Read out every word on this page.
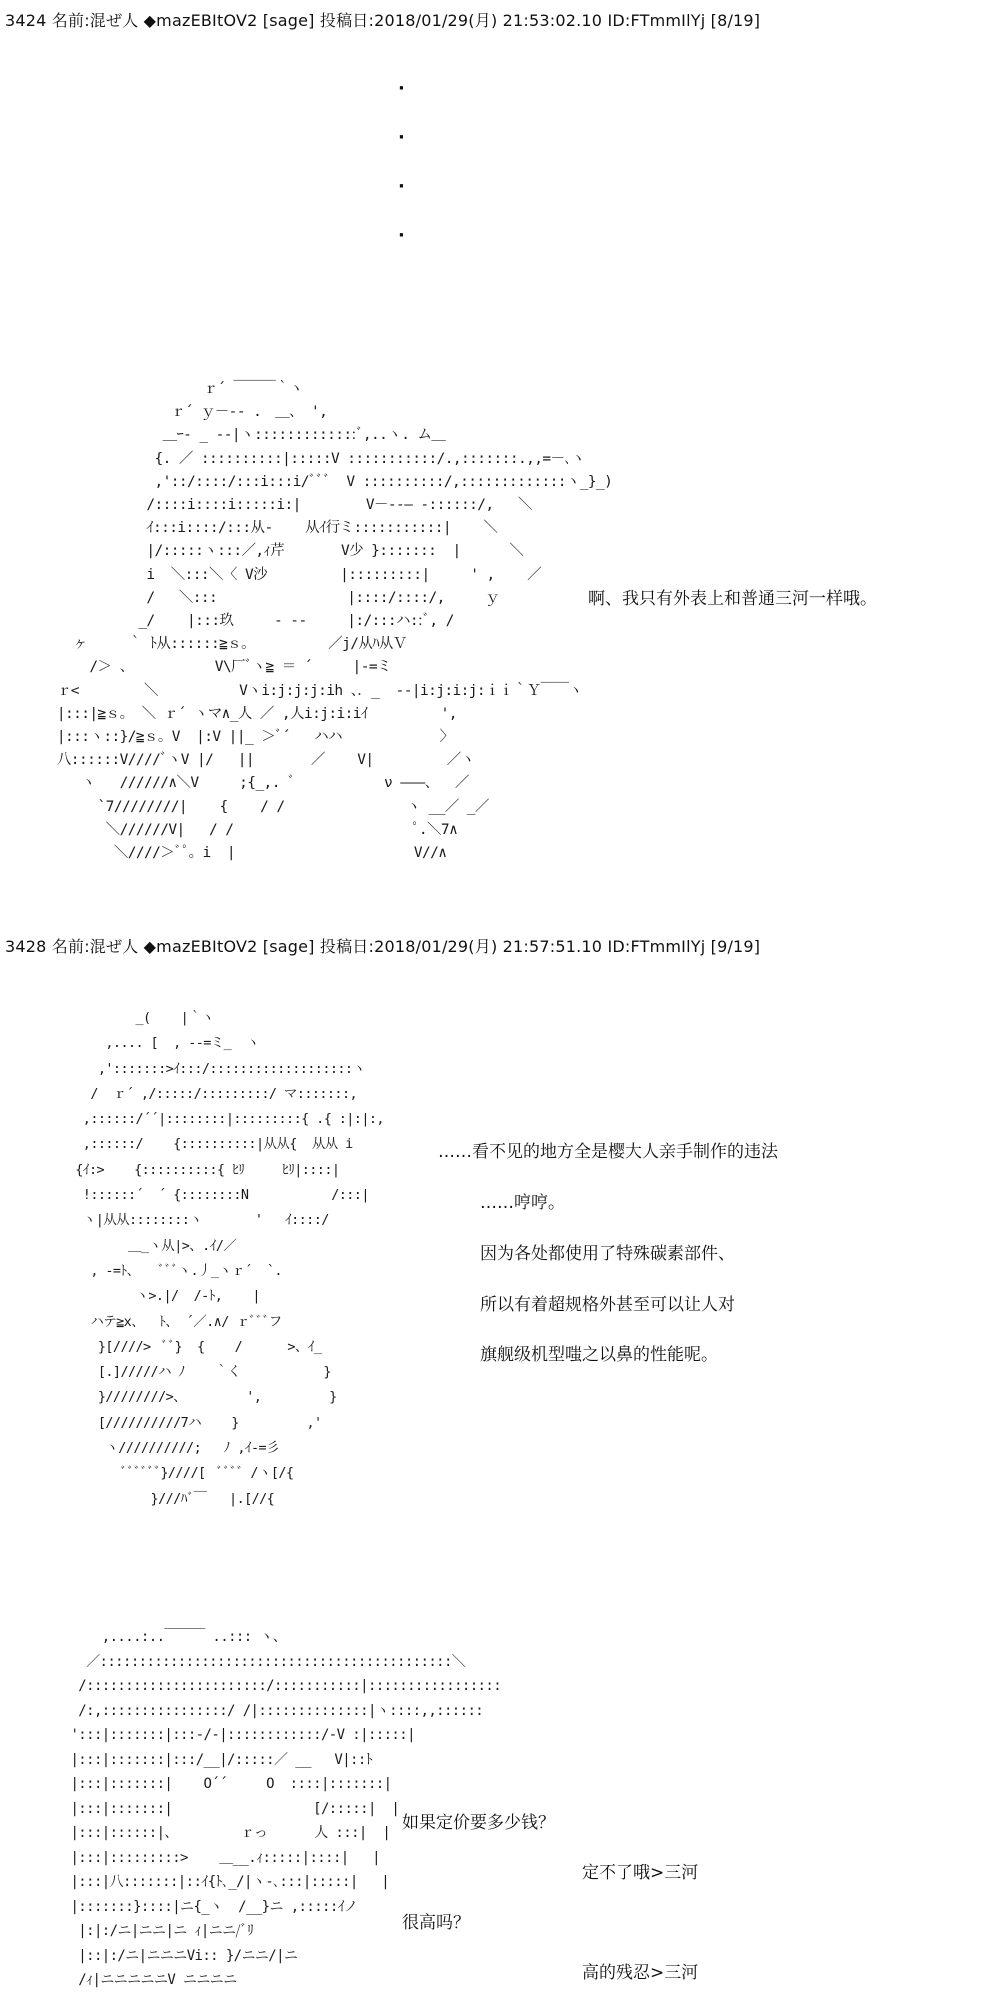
3424 名前:混ぜ人 ◆mazEBItOV2 [sage] 投稿日:2018/01/29(月) 21:53:02.10 ID:FTmmIlYj [8/19]
·
·
·
·
ｒ´ ￣￣￣｀ヽ
ｒ´ ｙ－-- .　＿、 ',
＿ｰ‐ _ -‐|ヽ:::::::::::::ﾞ,..ヽ. ム＿
{. ／ ::::::::::|:::::V :::::::::::/.,:::::::.,,=－､ヽ
,'::/::::/:::i:::i/ﾞﾞﾞ  V ::::::::::/,:::::::::::::ヽ_}_)
/::::i::::i:::::i:|        V－-‐― -::::::/,   ＼
ｲ:::i::::/:::从‐    从ｲ行ミ:::::::::::|    ＼
|/:::::ヽ:::／,ｨ芹       V少 }:::::::  |      ＼
i  ＼:::＼〈 V沙         |:::::::::|     ' ,    ／
/   ＼:::                |::::/::::/,     ｙ
_/    |:::玖     ‐ ‐‐     |:/:::ハ::ﾞ, /
ヶ     ｀ ﾄ从::::::≧ｓ。         ／j/从ﾊ从Ｖ
/＞ 、          V\厂ﾞヽ≧ ＝ ´     |‐=ミ
ｒ<        ＼          Vヽi:j:j:j:ih 、．_  ‐-|i:j:i:j:ｉｉ｀Ｙ￣￣ヽ
|:::|≧ｓ。 ＼ ｒ´ ヽマ∧_人 ／ ,人i:j:i:iｲ         ',
|:::ヽ::}/≧ｓ。V  |:V ||_ ＞ﾞ´   ハハ            〉
八::::::V////ﾞヽV |/   ||       ／    V|         ／ヽ
ヽ   //////∧＼V     ;{_,. ﾞ           ν ―――、  ／
`7////////|    {    / /               ヽ __／ _／
＼//////V|   / /                      ﾟ.＼7∧
＼////＞ﾞﾟ。i  |                      V//∧
啊、我只有外表上和普通三河一样哦。
3428 名前:混ぜ人 ◆mazEBItOV2 [sage] 投稿日:2018/01/29(月) 21:57:51.10 ID:FTmmIlYj [9/19]
_(    |｀ヽ
,.... [  , ‐-=ミ_  ヽ
,':::::::>ｲ:::/:::::::::::::::::::ヽ
/  ｒ´ ,/:::::/:::::::::/ マ:::::::,
,::::::/´´|::::::::|:::::::::{ .{ :|:|:,
,::::::/    {::::::::::|从从{  从从 i
{ｲ:>    {::::::::::{ ﾋﾘ     ﾋﾘ|::::|
!::::::´  ´ {::::::::N           /:::|
ヽ|从从::::::::ヽ       '   ｲ::::/
＿_ヽ从|>、.ｲ/／
, ‐=ﾄ、   ﾞﾞﾞヽ.丿_ヽｒ´  `.
ヽ>.|/  /‐ﾄ,    |
ハテ≧x、  ﾄ、 ´／.∧/ ｒﾞﾞﾞフ
}[////>  ﾞﾞ}  {    /      >、ｲ_
[.]/////ハ ﾉ    ｀く           }
}////////>、        ',         }
[//////////7ハ    }         ,'
ヽ//////////;   ﾉ ,ｲ‐=彡
ﾞﾞﾞﾞﾞﾞ}////[  ﾞﾞﾞﾞ /ヽ[/{
}///ﾊﾞ￣   |.[//{
……看不见的地方全是樱大人亲手制作的违法
……哼哼。
因为各处都使用了特殊碳素部件、
所以有着超规格外甚至可以让人对
旗舰级机型嗤之以鼻的性能呢。
,....:..￣￣￣ ..::: ヽ、
／:::::::::::::::::::::::::::::::::::::::::::::＼
/:::::::::::::::::::::::/:::::::::::|:::::::::::::::::
/:,::::::::::::::::/ /|::::::::::::::|ヽ::::,,::::::
':::|:::::::|:::-/‐|::::::::::::/‐V :|:::::|
|:::|:::::::|:::/__|/:::::／ __   V|::ﾄ
|:::|:::::::|    O´´     O  ::::|:::::::|
|:::|:::::::|                  [/:::::|  |
|:::|::::::|、        ｒっ      人 :::|  |
|:::|:::::::::>    ＿__.ｨ:::::|::::|   |
|:::|八:::::::|::ｲ{ﾄ､_/|ヽ‐､:::|:::::|   |
|:::::::}::::|ニ{_ヽ  /__}ニ ,:::::ｲノ
|:|:/ニ|ニニ|ニ ｨ|ニニ/ﾞﾘ
|::|:/ニ|ニニニVi:: }/ニニ/|ニ
/ｨ|ニニニニニV ニニニニ
如果定价要多少钱？
定不了哦>三河
很高吗？
高的残忍>三河
